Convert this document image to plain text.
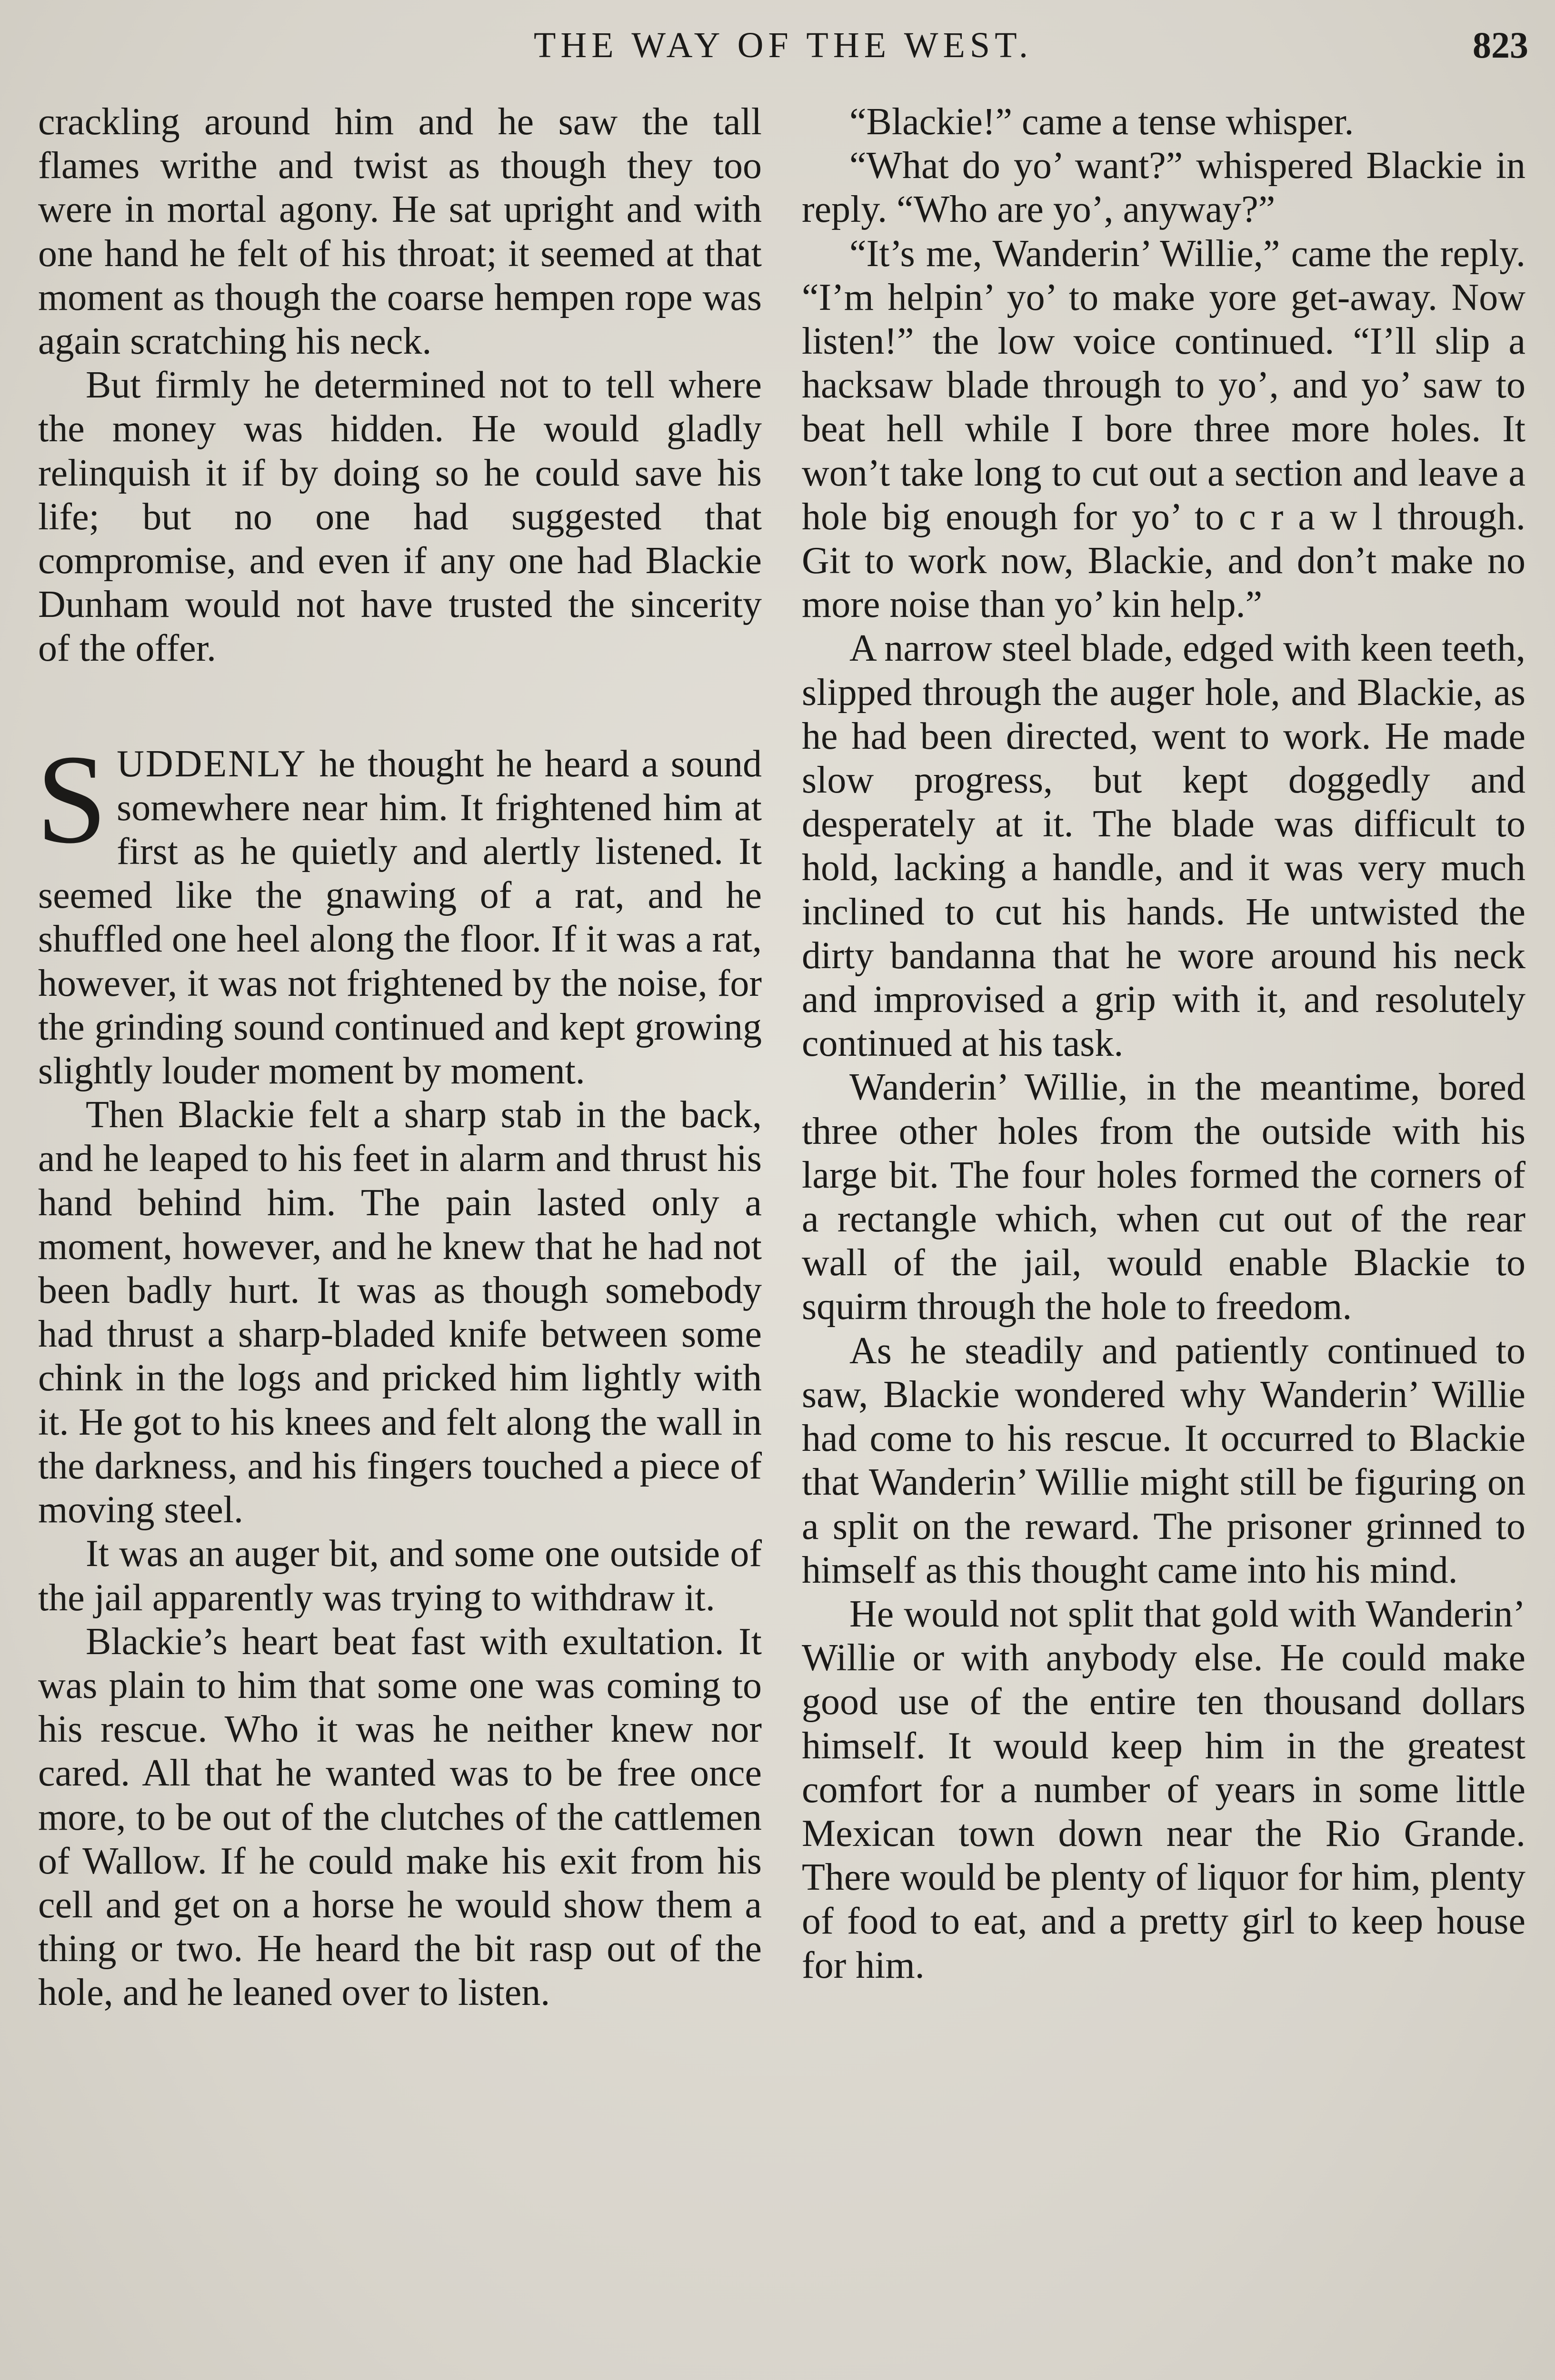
THE WAY OF THE WEST.	823

crackling around him and he saw the tall flames writhe and twist as though they too were in mortal agony. He sat upright and with one hand he felt of his throat; it seemed at that moment as though the coarse hempen rope was again scratching his neck.

But firmly he determined not to tell where the money was hidden. He would gladly relinquish it if by doing so he could save his life; but no one had suggested that compromise, and even if any one had Blackie Dunham would not have trusted the sincerity of the offer.

SUDDENLY he thought he heard a sound somewhere near him. It frightened him at first as he quietly and alertly listened. It seemed like the gnawing of a rat, and he shuffled one heel along the floor. If it was a rat, however, it was not frightened by the noise, for the grinding sound continued and kept growing slightly louder moment by moment.

Then Blackie felt a sharp stab in the back, and he leaped to his feet in alarm and thrust his hand behind him. The pain lasted only a moment, however, and he knew that he had not been badly hurt. It was as though somebody had thrust a sharp-bladed knife between some chink in the logs and pricked him lightly with it. He got to his knees and felt along the wall in the darkness, and his fingers touched a piece of moving steel.

It was an auger bit, and some one outside of the jail apparently was trying to withdraw it.

Blackie’s heart beat fast with exultation. It was plain to him that some one was coming to his rescue. Who it was he neither knew nor cared. All that he wanted was to be free once more, to be out of the clutches of the cattlemen of Wallow. If he could make his exit from his cell and get on a horse he would show them a thing or two. He heard the bit rasp out of the hole, and he leaned over to listen.

“Blackie!” came a tense whisper.

“What do yo’ want?” whispered Blackie in reply. “Who are yo’, anyway?”

“It’s me, Wanderin’ Willie,” came the reply. “I’m helpin’ yo’ to make yore get-away. Now listen!” the low voice continued. “I’ll slip a hacksaw blade through to yo’, and yo’ saw to beat hell while I bore three more holes. It won’t take long to cut out a section and leave a hole big enough for yo’ to c r a w l through. Git to work now, Blackie, and don’t make no more noise than yo’ kin help.”

A narrow steel blade, edged with keen teeth, slipped through the auger hole, and Blackie, as he had been directed, went to work. He made slow progress, but kept doggedly and desperately at it. The blade was difficult to hold, lacking a handle, and it was very much inclined to cut his hands. He untwisted the dirty bandanna that he wore around his neck and improvised a grip with it, and resolutely continued at his task.

Wanderin’ Willie, in the meantime, bored three other holes from the outside with his large bit. The four holes formed the corners of a rectangle which, when cut out of the rear wall of the jail, would enable Blackie to squirm through the hole to freedom.

As he steadily and patiently continued to saw, Blackie wondered why Wanderin’ Willie had come to his rescue. It occurred to Blackie that Wanderin’ Willie might still be figuring on a split on the reward. The prisoner grinned to himself as this thought came into his mind.

He would not split that gold with Wanderin’ Willie or with anybody else. He could make good use of the entire ten thousand dollars himself. It would keep him in the greatest comfort for a number of years in some little Mexican town down near the Rio Grande. There would be plenty of liquor for him, plenty of food to eat, and a pretty girl to keep house for him.
